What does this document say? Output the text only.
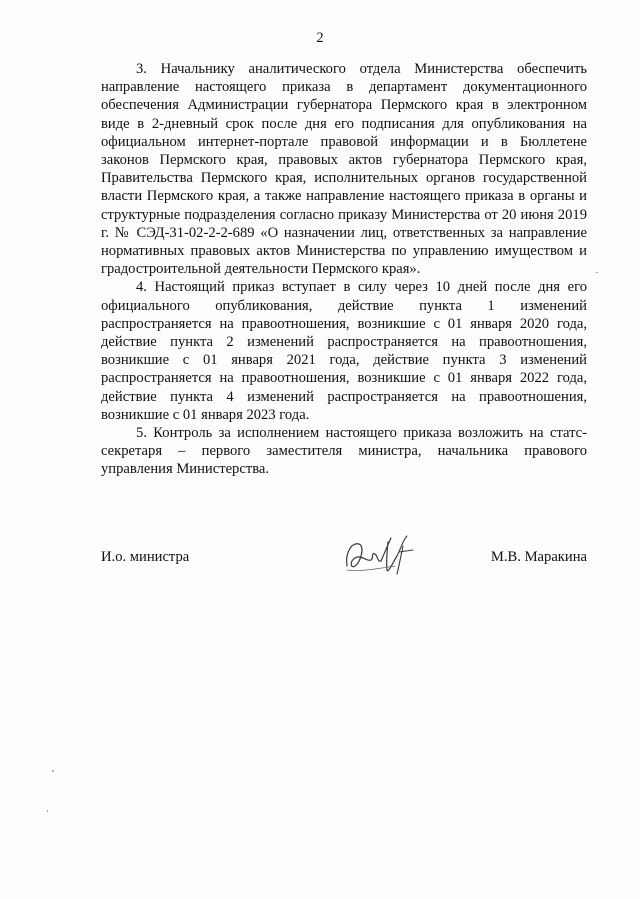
2

3. Начальнику аналитического отдела Министерства обеспечить направление настоящего приказа в департамент документационного обеспечения Администрации губернатора Пермского края в электронном виде в 2-дневный срок после дня его подписания для опубликования на официальном интернет-портале правовой информации и в Бюллетене законов Пермского края, правовых актов губернатора Пермского края, Правительства Пермского края, исполнительных органов государственной власти Пермского края, а также направление настоящего приказа в органы и структурные подразделения согласно приказу Министерства от 20 июня 2019 г. № СЭД-31-02-2-2-689 «О назначении лиц, ответственных за направление нормативных правовых актов Министерства по управлению имуществом и градостроительной деятельности Пермского края».

4. Настоящий приказ вступает в силу через 10 дней после дня его официального опубликования, действие пункта 1 изменений распространяется на правоотношения, возникшие с 01 января 2020 года, действие пункта 2 изменений распространяется на правоотношения, возникшие с 01 января 2021 года, действие пункта 3 изменений распространяется на правоотношения, возникшие с 01 января 2022 года, действие пункта 4 изменений распространяется на правоотношения, возникшие с 01 января 2023 года.

5. Контроль за исполнением настоящего приказа возложить на статс-секретаря – первого заместителя министра, начальника правового управления Министерства.

И.о. министра	М.В. Маракина
